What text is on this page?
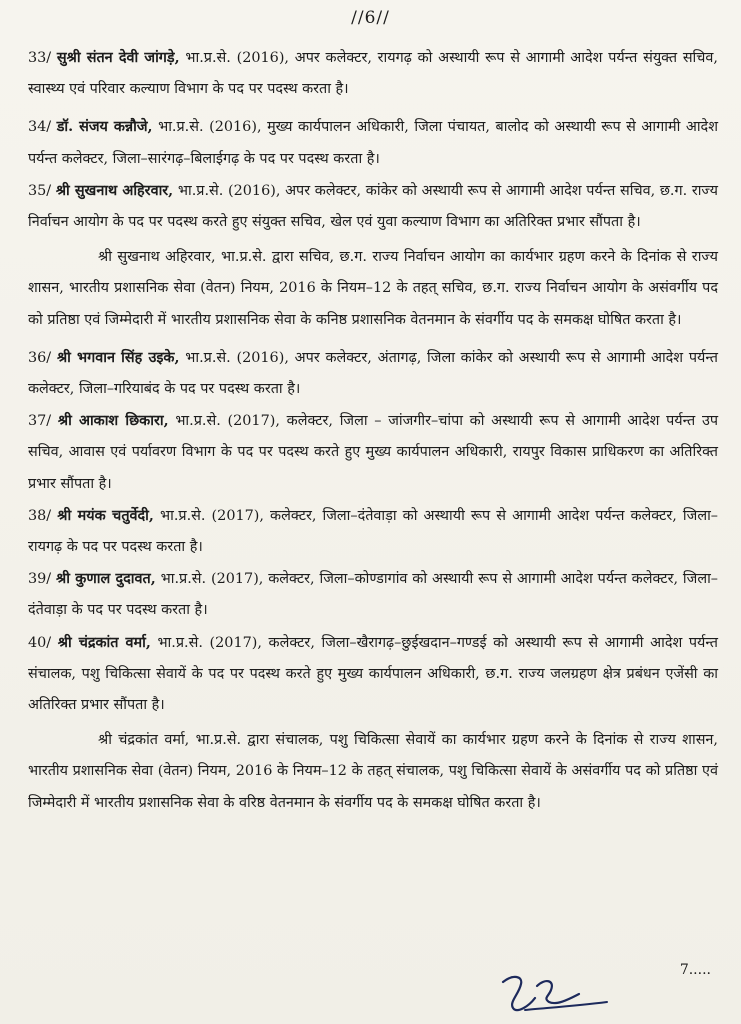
//6//

33/ सुश्री संतन देवी जांगड़े, भा.प्र.से. (2016), अपर कलेक्टर, रायगढ़ को अस्थायी रूप से आगामी आदेश पर्यन्त संयुक्त सचिव, स्वास्थ्य एवं परिवार कल्याण विभाग के पद पर पदस्थ करता है।

34/ डॉ. संजय कन्नौजे, भा.प्र.से. (2016), मुख्य कार्यपालन अधिकारी, जिला पंचायत, बालोद को अस्थायी रूप से आगामी आदेश पर्यन्त कलेक्टर, जिला–सारंगढ़–बिलाईगढ़ के पद पर पदस्थ करता है।

35/ श्री सुखनाथ अहिरवार, भा.प्र.से. (2016), अपर कलेक्टर, कांकेर को अस्थायी रूप से आगामी आदेश पर्यन्त सचिव, छ.ग. राज्य निर्वाचन आयोग के पद पर पदस्थ करते हुए संयुक्त सचिव, खेल एवं युवा कल्याण विभाग का अतिरिक्त प्रभार सौंपता है।

श्री सुखनाथ अहिरवार, भा.प्र.से. द्वारा सचिव, छ.ग. राज्य निर्वाचन आयोग का कार्यभार ग्रहण करने के दिनांक से राज्य शासन, भारतीय प्रशासनिक सेवा (वेतन) नियम, 2016 के नियम–12 के तहत् सचिव, छ.ग. राज्य निर्वाचन आयोग के असंवर्गीय पद को प्रतिष्ठा एवं जिम्मेदारी में भारतीय प्रशासनिक सेवा के कनिष्ठ प्रशासनिक वेतनमान के संवर्गीय पद के समकक्ष घोषित करता है।

36/ श्री भगवान सिंह उइके, भा.प्र.से. (2016), अपर कलेक्टर, अंतागढ़, जिला कांकेर को अस्थायी रूप से आगामी आदेश पर्यन्त कलेक्टर, जिला–गरियाबंद के पद पर पदस्थ करता है।

37/ श्री आकाश छिकारा, भा.प्र.से. (2017), कलेक्टर, जिला – जांजगीर–चांपा को अस्थायी रूप से आगामी आदेश पर्यन्त उप सचिव, आवास एवं पर्यावरण विभाग के पद पर पदस्थ करते हुए मुख्य कार्यपालन अधिकारी, रायपुर विकास प्राधिकरण का अतिरिक्त प्रभार सौंपता है।

38/ श्री मयंक चतुर्वेदी, भा.प्र.से. (2017), कलेक्टर, जिला–दंतेवाड़ा को अस्थायी रूप से आगामी आदेश पर्यन्त कलेक्टर, जिला–रायगढ़ के पद पर पदस्थ करता है।

39/ श्री कुणाल दुदावत, भा.प्र.से. (2017), कलेक्टर, जिला–कोण्डागांव को अस्थायी रूप से आगामी आदेश पर्यन्त कलेक्टर, जिला–दंतेवाड़ा के पद पर पदस्थ करता है।

40/ श्री चंद्रकांत वर्मा, भा.प्र.से. (2017), कलेक्टर, जिला–खैरागढ़–छुईखदान–गण्डई को अस्थायी रूप से आगामी आदेश पर्यन्त संचालक, पशु चिकित्सा सेवायें के पद पर पदस्थ करते हुए मुख्य कार्यपालन अधिकारी, छ.ग. राज्य जलग्रहण क्षेत्र प्रबंधन एजेंसी का अतिरिक्त प्रभार सौंपता है।

श्री चंद्रकांत वर्मा, भा.प्र.से. द्वारा संचालक, पशु चिकित्सा सेवायें का कार्यभार ग्रहण करने के दिनांक से राज्य शासन, भारतीय प्रशासनिक सेवा (वेतन) नियम, 2016 के नियम–12 के तहत् संचालक, पशु चिकित्सा सेवायें के असंवर्गीय पद को प्रतिष्ठा एवं जिम्मेदारी में भारतीय प्रशासनिक सेवा के वरिष्ठ वेतनमान के संवर्गीय पद के समकक्ष घोषित करता है।

7.....
